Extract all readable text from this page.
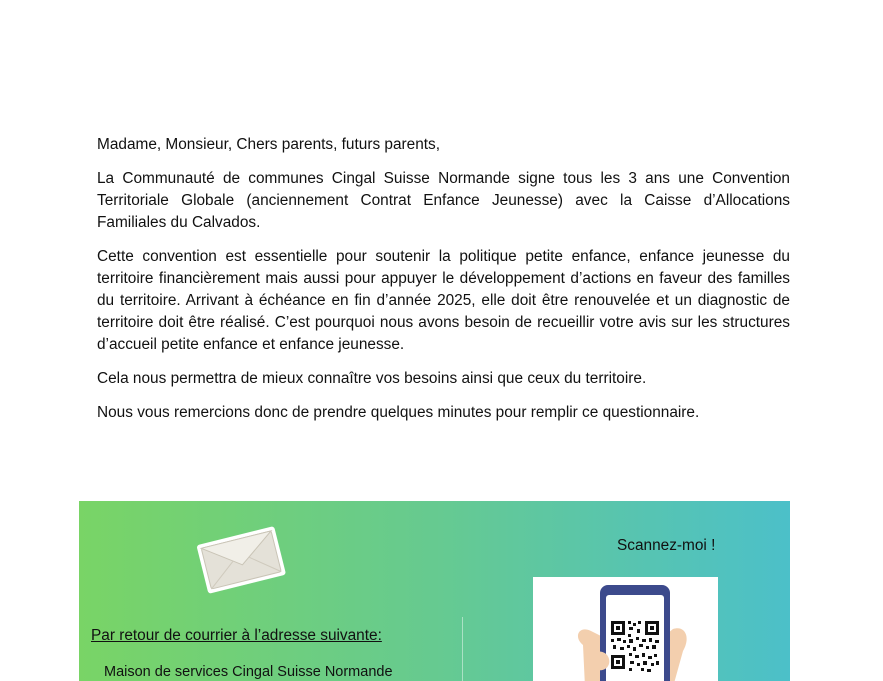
Madame, Monsieur, Chers parents, futurs parents,

La Communauté de communes Cingal Suisse Normande signe tous les 3 ans une Convention Territoriale Globale (anciennement Contrat Enfance Jeunesse) avec la Caisse d’Allocations Familiales du Calvados.

Cette convention est essentielle pour soutenir la politique petite enfance, enfance jeunesse du territoire financièrement mais aussi pour appuyer le développement d’actions en faveur des familles du territoire. Arrivant à échéance en fin d’année 2025, elle doit être renouvelée et un diagnostic de territoire doit être réalisé. C’est pourquoi nous avons besoin de recueillir votre avis sur les structures d’accueil petite enfance et enfance jeunesse.

Cela nous permettra de mieux connaître vos besoins ainsi que ceux du territoire.

Nous vous remercions donc de prendre quelques minutes pour remplir ce questionnaire.

Par retour de courrier à l’adresse suivante:
Maison de services Cingal Suisse Normande
Scannez-moi !
